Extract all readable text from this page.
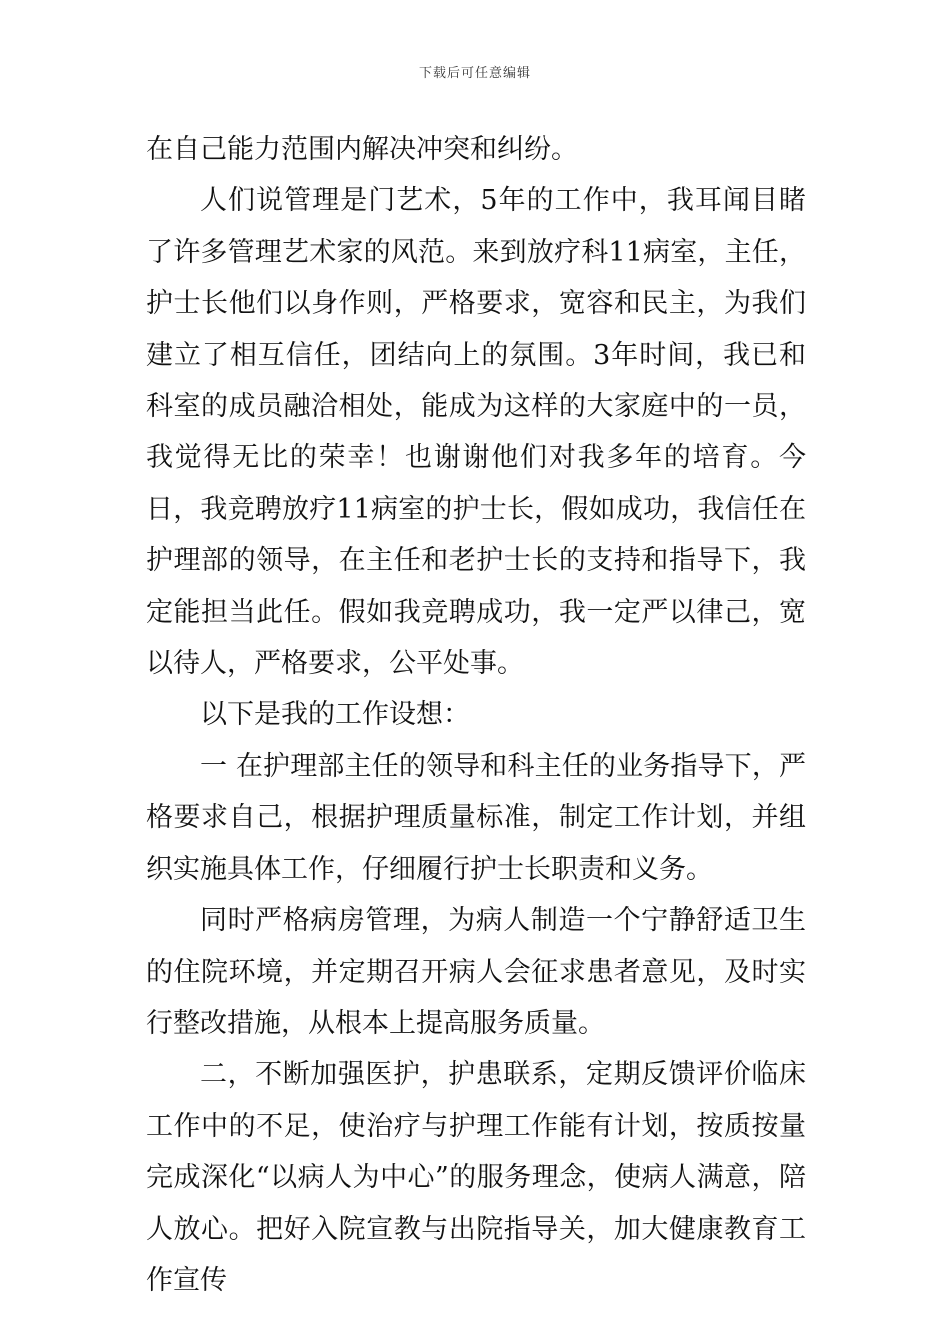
下载后可任意编辑

在自己能力范围内解决冲突和纠纷。

人们说管理是门艺术，5年的工作中，我耳闻目睹了许多管理艺术家的风范。来到放疗科11病室，主任，护士长他们以身作则，严格要求，宽容和民主，为我们建立了相互信任，团结向上的氛围。3年时间，我已和科室的成员融洽相处，能成为这样的大家庭中的一员，我觉得无比的荣幸！也谢谢他们对我多年的培育。今日，我竞聘放疗11病室的护士长，假如成功，我信任在护理部的领导，在主任和老护士长的支持和指导下，我定能担当此任。假如我竞聘成功，我一定严以律己，宽以待人，严格要求，公平处事。

以下是我的工作设想：

一 在护理部主任的领导和科主任的业务指导下，严格要求自己，根据护理质量标准，制定工作计划，并组织实施具体工作，仔细履行护士长职责和义务。

同时严格病房管理，为病人制造一个宁静舒适卫生的住院环境，并定期召开病人会征求患者意见，及时实行整改措施，从根本上提高服务质量。

二，不断加强医护，护患联系，定期反馈评价临床工作中的不足，使治疗与护理工作能有计划，按质按量完成深化“以病人为中心”的服务理念，使病人满意，陪人放心。把好入院宣教与出院指导关，加大健康教育工作宣传
